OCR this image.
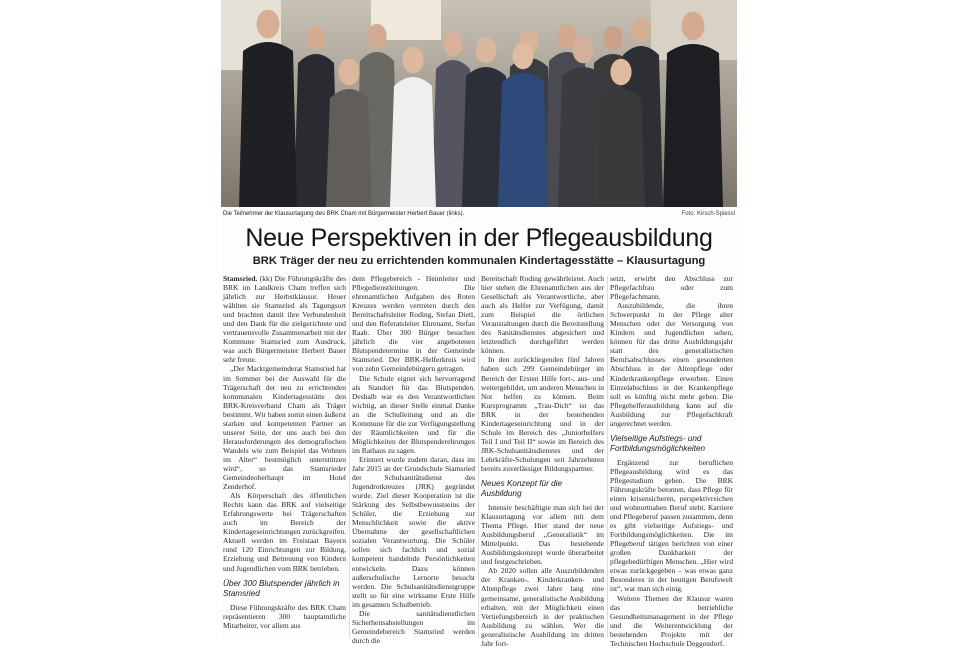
Die Teilnehmer der Klausurtagung des BRK Cham mit Bürgermeister Herbert Bauer (links).	Foto: Kirsch-Spiessl
Neue Perspektiven in der Pflegeausbildung
BRK Träger der neu zu errichtenden kommunalen Kindertagesstätte – Klausurtagung

Stamsried. (kk) Die Führungskräfte des BRK im Landkreis Cham treffen sich jährlich zur Herbstklausur. Heuer wählten sie Stamsried als Tagungsort und brachten damit ihre Verbundenheit und den Dank für die zielgerichtete und vertrauensvolle Zusammenarbeit mit der Kommune Stamsried zum Ausdruck, was auch Bürgermeister Herbert Bauer sehr freute.

„Der Marktgemeinderat Stamsried hat im Sommer bei der Auswahl für die Trägerschaft der neu zu errichtenden kommunalen Kindertagesstätte den BRK-Kreisverband Cham als Träger bestimmt. Wir haben somit einen äußerst starken und kompetenten Partner an unserer Seite, der uns auch bei den Herausforderungen des demografischen Wandels wie zum Beispiel das Wohnen im Alter“ bestmöglich unterstützen wird“, so das Stamsrieder Gemeindeoberhaupt im Hotel Zenderhof.

Als Körperschaft des öffentlichen Rechts kann das BRK auf vielseitige Erfahrungswerte bei Trägerschaften auch im Bereich der Kindertageseinrichtungen zurückgreifen. Aktuell werden im Freistaat Bayern rund 120 Einrichtungen zur Bildung, Erziehung und Betreuung von Kindern und Jugendlichen vom BRK betrieben.

Über 300 Blutspender jährlich in Stamsried

Diese Führungskräfte des BRK Cham repräsentieren 300 hauptamtliche Mitarbeiter, vor allem aus

dem Pflegebereich - Heimleiter und Pflegedienstleitungen. Die ehrenamtlichen Aufgaben des Roten Kreuzes werden vertreten durch den Bereitschaftsleiter Roding, Stefan Dietl, und den Referatsleiter Ehrenamt, Stefan Raab. Über 300 Bürger besuchen jährlich die vier angebotenen Blutspendetermine in der Gemeinde Stamsried. Der BRK-Helferkreis wird von zehn Gemeindebürgern getragen.

Die Schule eignet sich hervorragend als Standort für das Blutspenden. Deshalb war es den Verantwortlichen wichtig, an dieser Stelle einmal Danke an die Schulleitung und an die Kommune für die zur Verfügungstellung der Räumlichkeiten und für die Möglichkeiten der Blutspenderehrungen im Rathaus zu sagen.

Erinnert wurde zudem daran, dass im Jahr 2015 an der Grundschule Stamsried der Schulsanitätsdienst des Jugendrotkreuzes (JRK) gegründet wurde. Ziel dieser Kooperation ist die Stärkung des Selbstbewusstseins der Schüler, die Erziehung zur Menschlichkeit sowie die aktive Übernahme der gesellschaftlichen sozialen Verantwortung. Die Schüler sollen sich fachlich und sozial kompetent handelnde Persönlichkeiten entwickeln. Dazu können außerschulische Lernorte besucht werden. Die Schulsanitätsdienstgruppe stellt so für eine wirksame Erste Hilfe im gesamten Schulbetrieb.

Die sanitätsdienstlichen Sicherheitsabstellungen im Gemeindebereich Stamsried werden durch die

Bereitschaft Roding gewährleistet. Auch hier stehen die Ehrenamtlichen aus der Gesellschaft als Verantwortliche, aber auch als Helfer zur Verfügung, damit zum Beispiel die örtlichen Veranstaltungen durch die Bereitstellung des Sanitätsdienstes abgesichert und letztendlich durchgeführt werden können.

In den zurückliegenden fünf Jahren haben sich 299 Gemeindebürger im Bereich der Ersten Hilfe fort-, aus- und weitergebildet, um anderen Menschen in Not helfen zu können. Beim Kursprogramm „Trau-Dich“ ist das BRK in der bestehenden Kindertageseinrichtung und in der Schule im Bereich des „Juniorhelfers Teil I und Teil II“ sowie im Bereich des JRK-Schulsanitätsdienstes und der Lehrkräfte-Schulungen seit Jahrzehnten bereits zuverlässiger Bildungspartner.

Neues Konzept für die Ausbildung

Intensiv beschäftigte man sich bei der Klausurtagung vor allem mit dem Thema Pflege. Hier stand der neue Ausbildungsberuf „Generalistik“ im Mittelpunkt. Das bestehende Ausbildungskonzept wurde überarbeitet und festgeschrieben.

Ab 2020 sollen alle Auszubildenden der Kranken-, Kinderkranken- und Altenpflege zwei Jahre lang eine gemeinsame, generalistische Ausbildung erhalten, mit der Möglichkeit einen Vertiefungsbereich in der praktischen Ausbildung zu wählen. Wer die generalistische Ausbildung im dritten Jahr fort-

setzt, erwirbt den Abschluss zur Pflegefachfrau oder zum Pflegefachmann.

Auszubildende, die ihren Schwerpunkt in der Pflege alter Menschen oder der Versorgung von Kindern und Jugendlichen sehen, können für das dritte Ausbildungsjahr statt des generalistischen Berufsabschlusses einen gesonderten Abschluss in der Altenpflege oder Kinderkrankenpflege erwerben. Einen Einzelabschluss in der Krankenpflege soll es künftig nicht mehr geben. Die Pflegehelferausbildung kann auf die Ausbildung zur Pflegefachkraft angerechnet werden.

Vielseitige Aufstiegs- und Fortbildungsmöglichkeiten

Ergänzend zur beruflichen Pflegeausbildung wird es das Pflegestudium geben. Die BRK Führungskräfte betonten, dass Pflege für einen krisensicheren, perspektivreichen und wohnortnahen Beruf steht. Karriere und Pflegeberuf passen zusammen, denn es gibt vielseitige Aufstiegs- und Fortbildungsmöglichkeiten. Die im Pflegeberuf tätigen berichten von einer großen Dankbarkeit der pflegebedürftigen Menschen. „Hier wird etwas zurückgegeben – was etwas ganz Besonderes in der heutigen Berufswelt ist“, war man sich einig.

Weitere Themen der Klausur waren das betriebliche Gesundheitsmanagement in der Pflege und die Weiterentwicklung der bestehenden Projekte mit der Technischen Hochschule Deggendorf.
